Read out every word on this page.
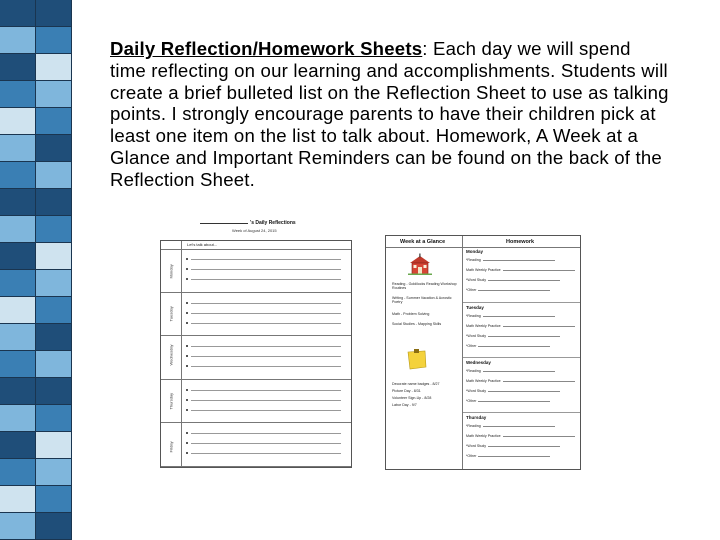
Daily Reflection/Homework Sheets: Each day we will spend time reflecting on our learning and accomplishments. Students will create a brief bulleted list on the Reflection Sheet to use as talking points. I strongly encourage parents to have their children pick at least one item on the list to talk about. Homework, A Week at a Glance and Important Reminders can be found on the back of the Reflection Sheet.
's Daily Reflections
Week of August 24, 2015
Let's talk about...
Monday
Tuesday
Wednesday
Thursday
Friday
Week at a Glance	Homework
Reading - Goldilocks Reading Workshop Routines
Writing - Summer Vacation & Acrostic Poetry
Math - Problem Solving
Social Studies - Mapping Skills
Decorate name badges - 8/27
Picture Day - 8/31
Volunteer Sign-Up - 8/28
Labor Day - 9/7
Monday
*Reading
Math Weekly Practice
*Word Study
*Other
Tuesday
*Reading
Math Weekly Practice
*Word Study
*Other
Wednesday
*Reading
Math Weekly Practice
*Word Study
*Other
Thursday
*Reading
Math Weekly Practice
*Word Study
*Other
